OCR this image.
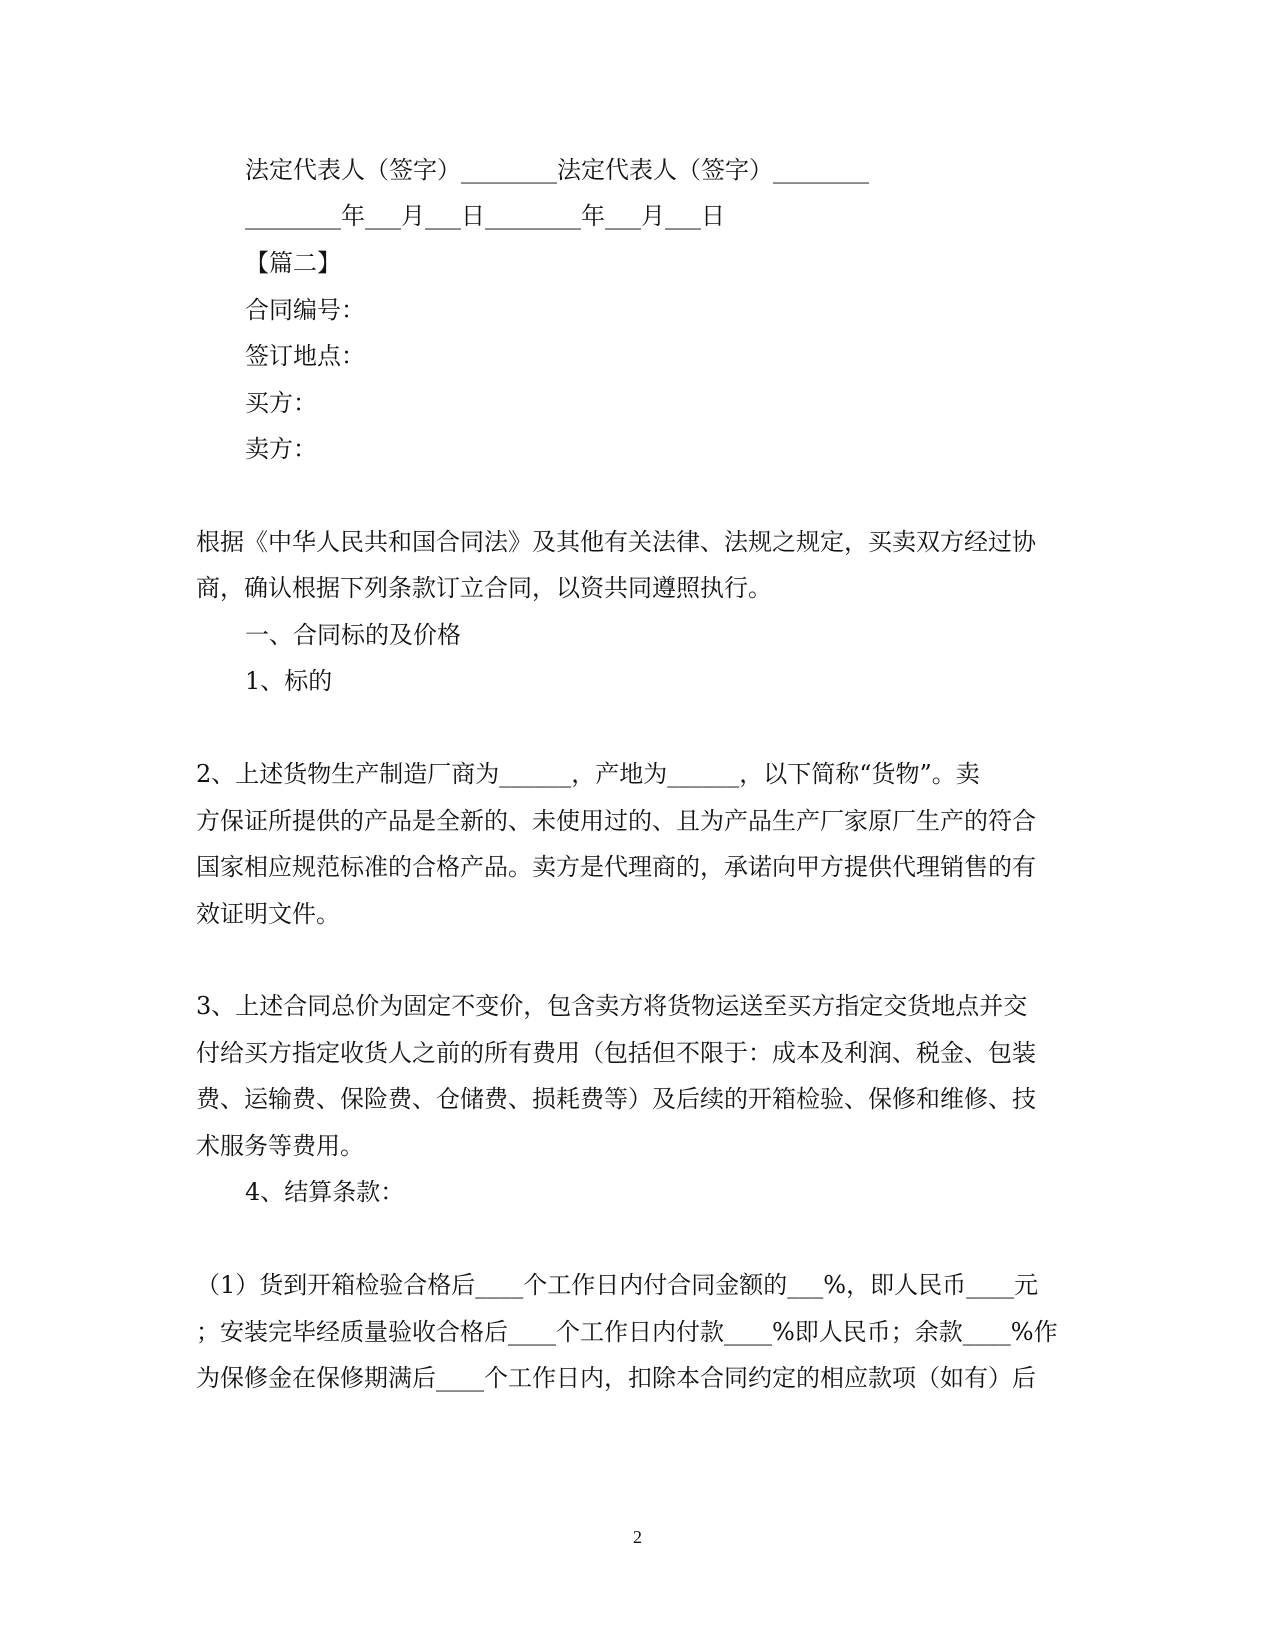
法定代表人（签字）________法定代表人（签字）________

________年___月___日________年___月___日

【篇二】

合同编号：

签订地点：

买方：

卖方：

根据《中华人民共和国合同法》及其他有关法律、法规之规定，买卖双方经过协

商，确认根据下列条款订立合同，以资共同遵照执行。

一、合同标的及价格

1、标的

2、上述货物生产制造厂商为______，产地为______，以下简称“货物”。卖

方保证所提供的产品是全新的、未使用过的、且为产品生产厂家原厂生产的符合

国家相应规范标准的合格产品。卖方是代理商的，承诺向甲方提供代理销售的有

效证明文件。

3、上述合同总价为固定不变价，包含卖方将货物运送至买方指定交货地点并交

付给买方指定收货人之前的所有费用（包括但不限于：成本及利润、税金、包装

费、运输费、保险费、仓储费、损耗费等）及后续的开箱检验、保修和维修、技

术服务等费用。

4、结算条款：

（1）货到开箱检验合格后____个工作日内付合同金额的___%，即人民币____元

；安装完毕经质量验收合格后____个工作日内付款____%即人民币；余款____%作

为保修金在保修期满后____个工作日内，扣除本合同约定的相应款项（如有）后

2
